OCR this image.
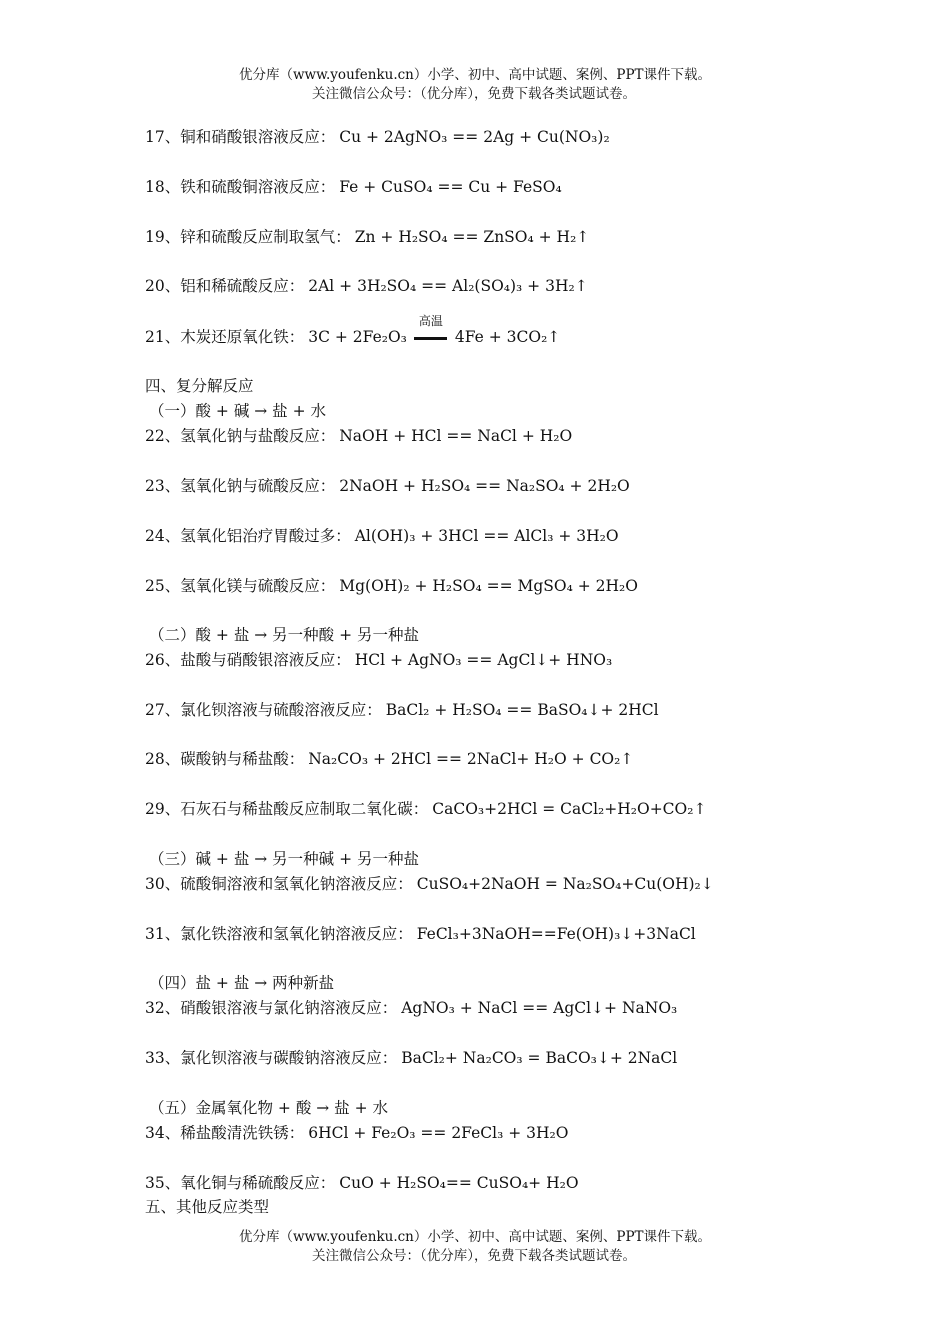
优分库（www.youfenku.cn）小学、初中、高中试题、案例、PPT课件下载。
关注微信公众号：（优分库），免费下载各类试题试卷。
17、铜和硝酸银溶液反应： Cu + 2AgNO₃ == 2Ag + Cu(NO₃)₂
18、铁和硫酸铜溶液反应： Fe + CuSO₄ == Cu + FeSO₄
19、锌和硫酸反应制取氢气： Zn + H₂SO₄ == ZnSO₄ + H₂↑
20、铝和稀硫酸反应： 2Al + 3H₂SO₄ == Al₂(SO₄)₃ + 3H₂↑
21、木炭还原氧化铁： 3C + 2Fe₂O₃
高温
4Fe + 3CO₂↑
四、复分解反应
（一）酸 + 碱 → 盐 + 水
22、氢氧化钠与盐酸反应： NaOH + HCl == NaCl + H₂O
23、氢氧化钠与硫酸反应： 2NaOH + H₂SO₄ == Na₂SO₄ + 2H₂O
24、氢氧化铝治疗胃酸过多： Al(OH)₃ + 3HCl == AlCl₃ + 3H₂O
25、氢氧化镁与硫酸反应： Mg(OH)₂ + H₂SO₄ == MgSO₄ + 2H₂O
（二）酸 + 盐 → 另一种酸 + 另一种盐
26、盐酸与硝酸银溶液反应： HCl + AgNO₃ == AgCl↓+ HNO₃
27、氯化钡溶液与硫酸溶液反应： BaCl₂ + H₂SO₄ == BaSO₄↓+ 2HCl
28、碳酸钠与稀盐酸： Na₂CO₃ + 2HCl == 2NaCl+ H₂O + CO₂↑
29、石灰石与稀盐酸反应制取二氧化碳： CaCO₃+2HCl = CaCl₂+H₂O+CO₂↑
（三）碱 + 盐 → 另一种碱 + 另一种盐
30、硫酸铜溶液和氢氧化钠溶液反应： CuSO₄+2NaOH = Na₂SO₄+Cu(OH)₂↓
31、氯化铁溶液和氢氧化钠溶液反应： FeCl₃+3NaOH==Fe(OH)₃↓+3NaCl
（四）盐 + 盐 → 两种新盐
32、硝酸银溶液与氯化钠溶液反应： AgNO₃ + NaCl == AgCl↓+ NaNO₃
33、氯化钡溶液与碳酸钠溶液反应： BaCl₂+ Na₂CO₃ = BaCO₃↓+ 2NaCl
（五）金属氧化物 + 酸 → 盐 + 水
34、稀盐酸清洗铁锈： 6HCl + Fe₂O₃ == 2FeCl₃ + 3H₂O
35、氧化铜与稀硫酸反应： CuO + H₂SO₄== CuSO₄+ H₂O
五、其他反应类型
优分库（www.youfenku.cn）小学、初中、高中试题、案例、PPT课件下载。
关注微信公众号：（优分库），免费下载各类试题试卷。
